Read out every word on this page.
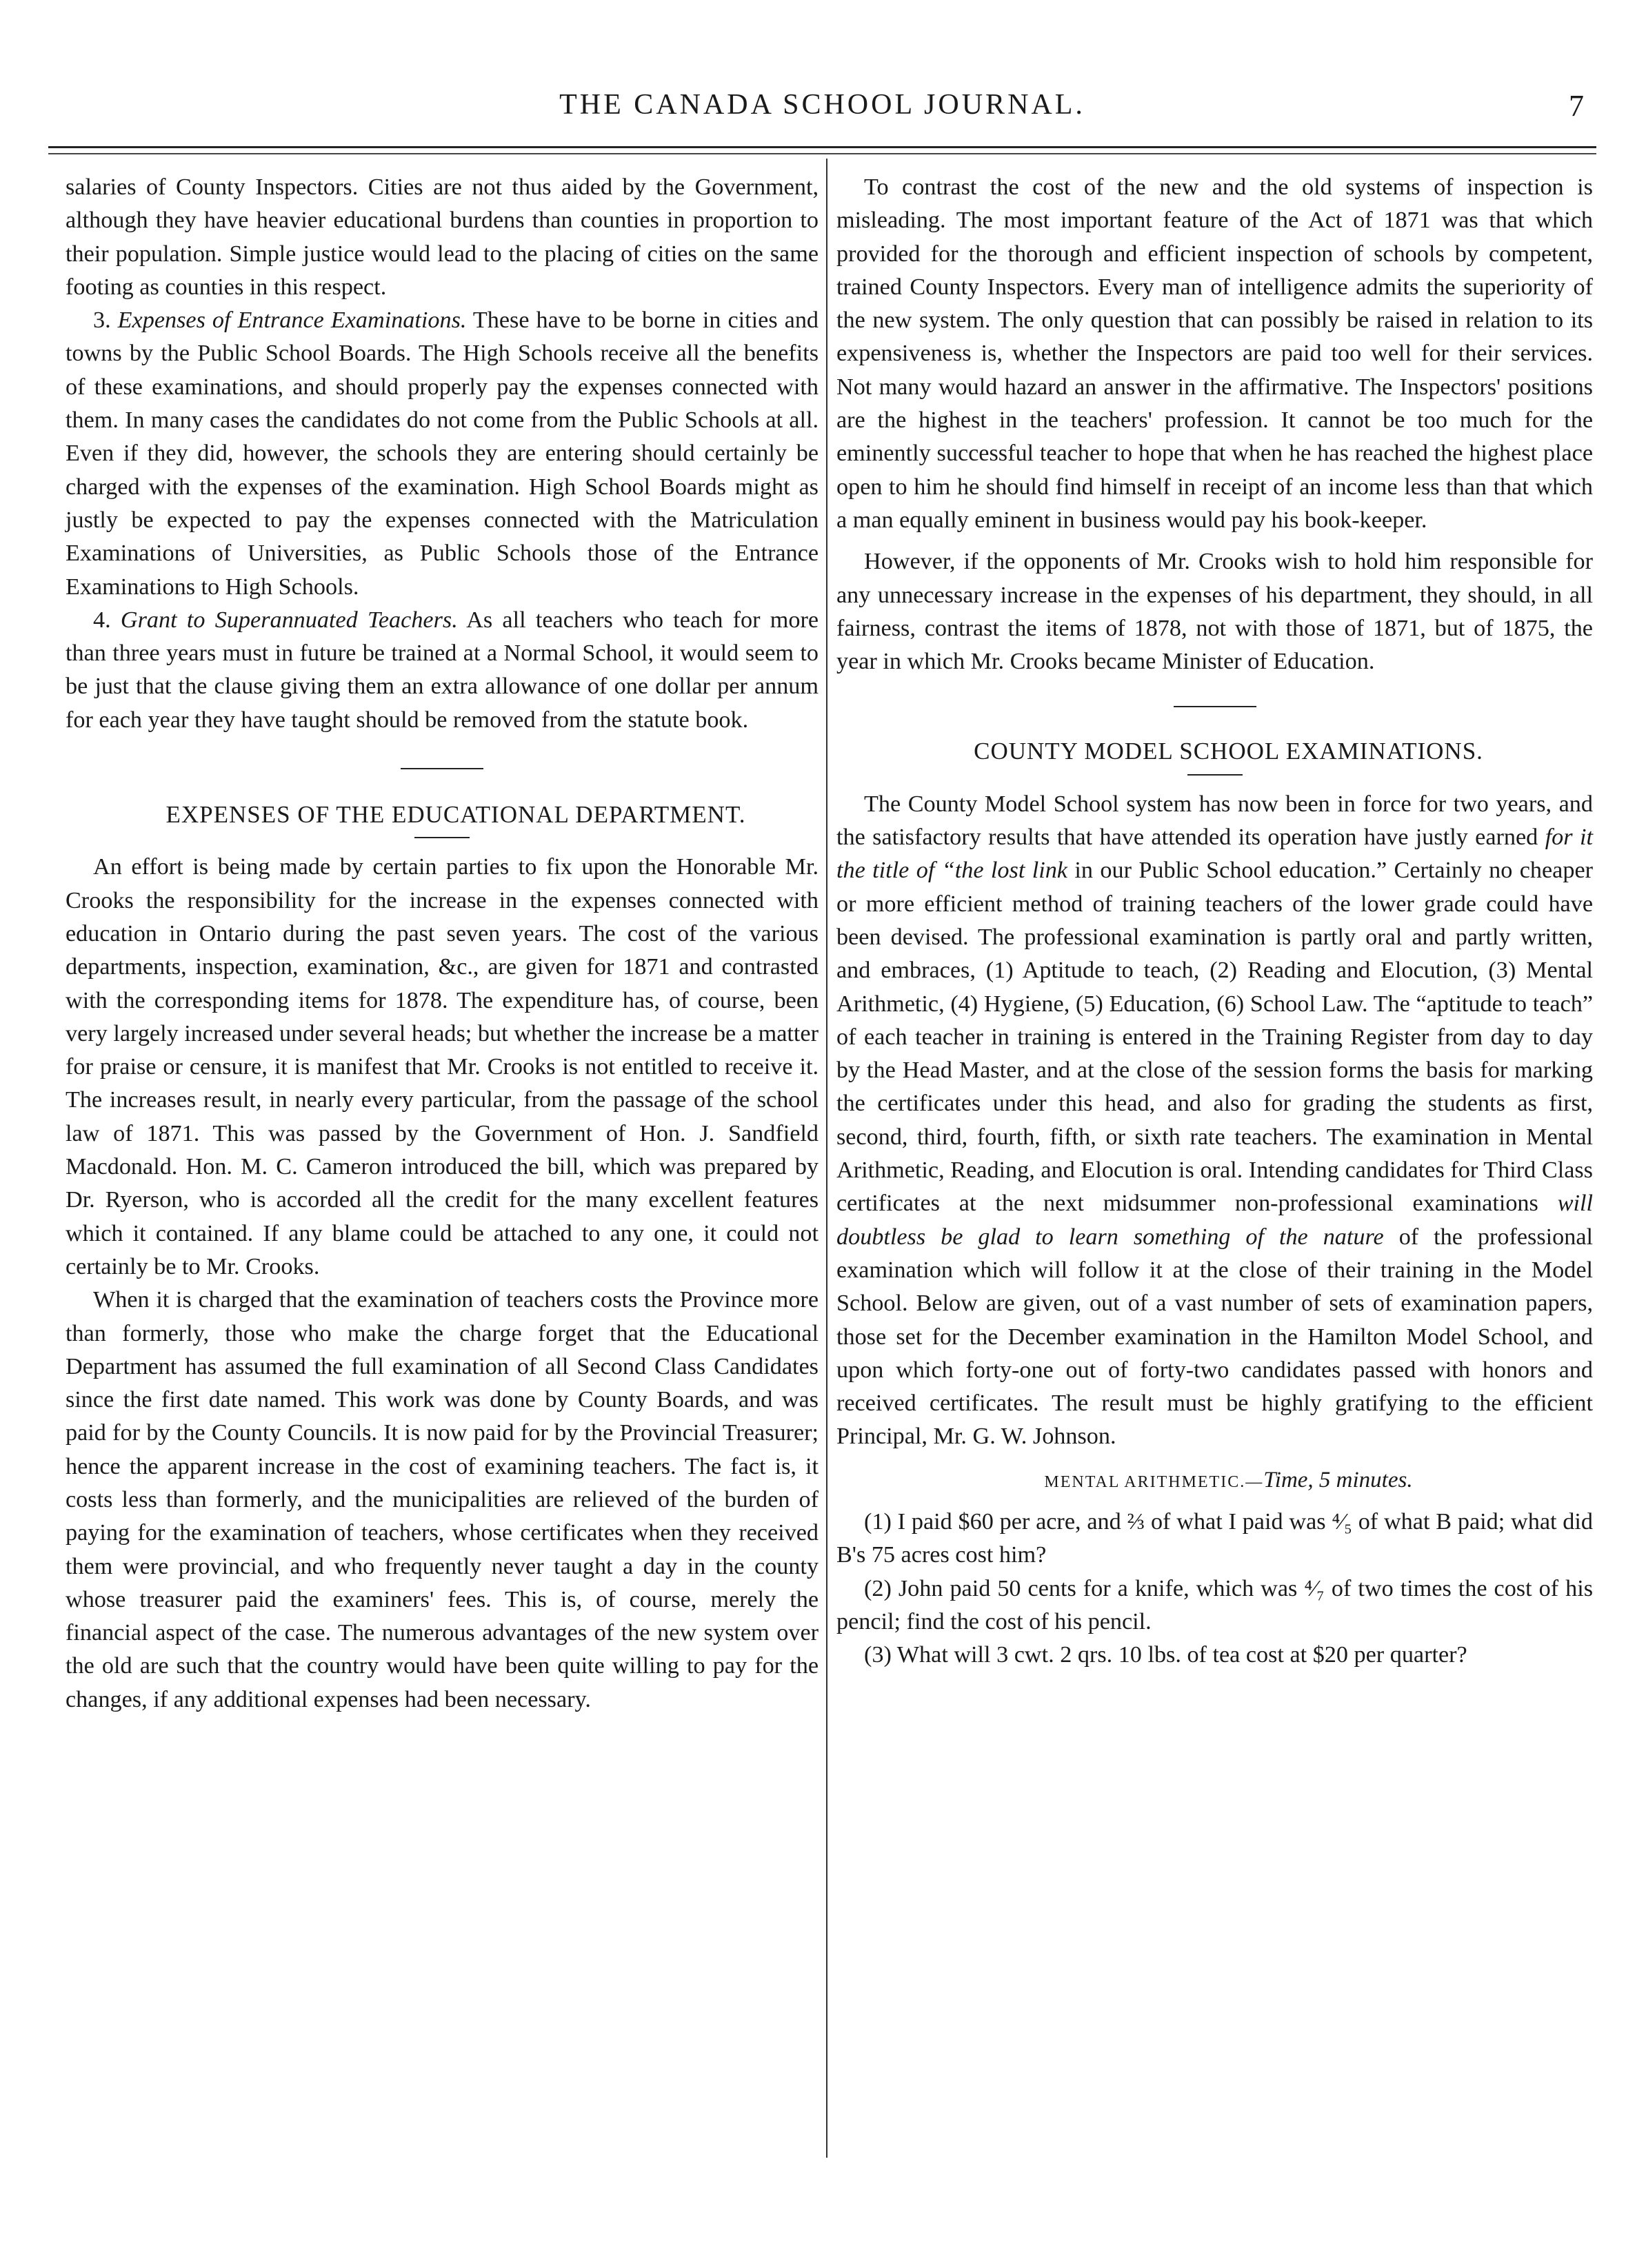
THE CANADA SCHOOL JOURNAL.	7

salaries of County Inspectors. Cities are not thus aided by the Government, although they have heavier educational burdens than counties in proportion to their population. Simple justice would lead to the placing of cities on the same footing as counties in this respect.

3. Expenses of Entrance Examinations. These have to be borne in cities and towns by the Public School Boards. The High Schools receive all the benefits of these examinations, and should properly pay the expenses connected with them. In many cases the candidates do not come from the Public Schools at all. Even if they did, however, the schools they are entering should certainly be charged with the expenses of the examination. High School Boards might as justly be expected to pay the expenses connected with the Matriculation Examinations of Universities, as Public Schools those of the Entrance Examinations to High Schools.

4. Grant to Superannuated Teachers. As all teachers who teach for more than three years must in future be trained at a Normal School, it would seem to be just that the clause giving them an extra allowance of one dollar per annum for each year they have taught should be removed from the statute book.

EXPENSES OF THE EDUCATIONAL DEPARTMENT.

An effort is being made by certain parties to fix upon the Honorable Mr. Crooks the responsibility for the increase in the expenses connected with education in Ontario during the past seven years. The cost of the various departments, inspection, examination, &c., are given for 1871 and contrasted with the corresponding items for 1878. The expenditure has, of course, been very largely increased under several heads; but whether the increase be a matter for praise or censure, it is manifest that Mr. Crooks is not entitled to receive it. The increases result, in nearly every particular, from the passage of the school law of 1871. This was passed by the Government of Hon. J. Sandfield Macdonald. Hon. M. C. Cameron introduced the bill, which was prepared by Dr. Ryerson, who is accorded all the credit for the many excellent features which it contained. If any blame could be attached to any one, it could not certainly be to Mr. Crooks.

When it is charged that the examination of teachers costs the Province more than formerly, those who make the charge forget that the Educational Department has assumed the full examination of all Second Class Candidates since the first date named. This work was done by County Boards, and was paid for by the County Councils. It is now paid for by the Provincial Treasurer; hence the apparent increase in the cost of examining teachers. The fact is, it costs less than formerly, and the municipalities are relieved of the burden of paying for the examination of teachers, whose certificates when they received them were provincial, and who frequently never taught a day in the county whose treasurer paid the examiners' fees. This is, of course, merely the financial aspect of the case. The numerous advantages of the new system over the old are such that the country would have been quite willing to pay for the changes, if any additional expenses had been necessary.

To contrast the cost of the new and the old systems of inspection is misleading. The most important feature of the Act of 1871 was that which provided for the thorough and efficient inspection of schools by competent, trained County Inspectors. Every man of intelligence admits the superiority of the new system. The only question that can possibly be raised in relation to its expensiveness is, whether the Inspectors are paid too well for their services. Not many would hazard an answer in the affirmative. The Inspectors' positions are the highest in the teachers' profession. It cannot be too much for the eminently successful teacher to hope that when he has reached the highest place open to him he should find himself in receipt of an income less than that which a man equally eminent in business would pay his book-keeper.

However, if the opponents of Mr. Crooks wish to hold him responsible for any unnecessary increase in the expenses of his department, they should, in all fairness, contrast the items of 1878, not with those of 1871, but of 1875, the year in which Mr. Crooks became Minister of Education.

COUNTY MODEL SCHOOL EXAMINATIONS.

The County Model School system has now been in force for two years, and the satisfactory results that have attended its operation have justly earned for it the title of “the lost link in our Public School education.” Certainly no cheaper or more efficient method of training teachers of the lower grade could have been devised. The professional examination is partly oral and partly written, and embraces, (1) Aptitude to teach, (2) Reading and Elocution, (3) Mental Arithmetic, (4) Hygiene, (5) Education, (6) School Law. The “aptitude to teach” of each teacher in training is entered in the Training Register from day to day by the Head Master, and at the close of the session forms the basis for marking the certificates under this head, and also for grading the students as first, second, third, fourth, fifth, or sixth rate teachers. The examination in Mental Arithmetic, Reading, and Elocution is oral. Intending candidates for Third Class certificates at the next midsummer non-professional examinations will doubtless be glad to learn something of the nature of the professional examination which will follow it at the close of their training in the Model School. Below are given, out of a vast number of sets of examination papers, those set for the December examination in the Hamilton Model School, and upon which forty-one out of forty-two candidates passed with honors and received certificates. The result must be highly gratifying to the efficient Principal, Mr. G. W. Johnson.

MENTAL ARITHMETIC.—Time, 5 minutes.

(1) I paid $60 per acre, and ⅔ of what I paid was ⁴⁄₅ of what B paid; what did B's 75 acres cost him?

(2) John paid 50 cents for a knife, which was ⁴⁄₇ of two times the cost of his pencil; find the cost of his pencil.

(3) What will 3 cwt. 2 qrs. 10 lbs. of tea cost at $20 per quarter?
